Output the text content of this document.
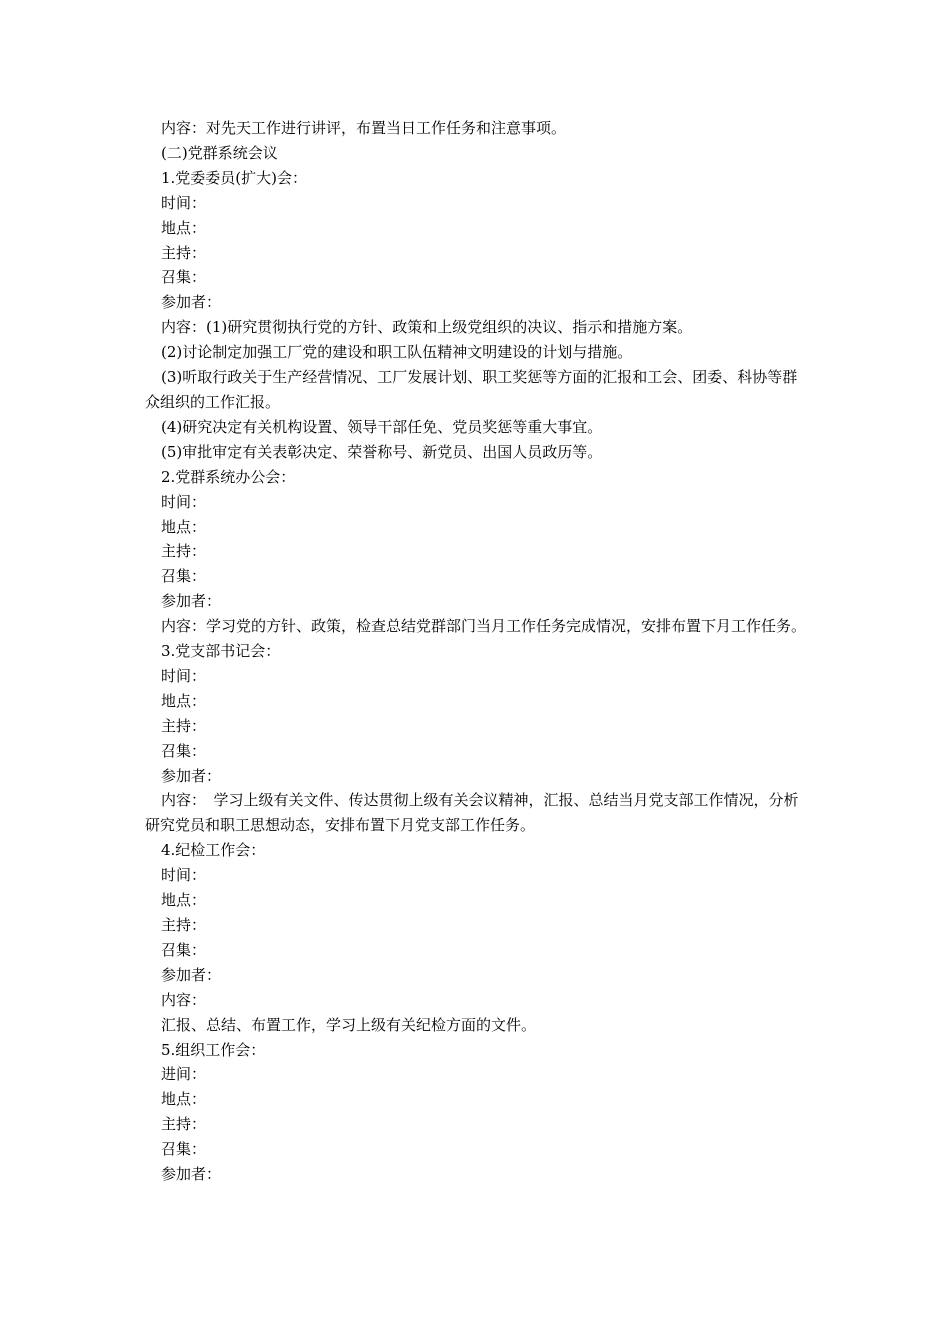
内容：对先天工作进行讲评，布置当日工作任务和注意事项。

(二)党群系统会议

1.党委委员(扩大)会：

时间：

地点：

主持：

召集：

参加者：

内容：(1)研究贯彻执行党的方针、政策和上级党组织的决议、指示和措施方案。

(2)讨论制定加强工厂党的建设和职工队伍精神文明建设的计划与措施。

(3)听取行政关于生产经营情况、工厂发展计划、职工奖惩等方面的汇报和工会、团委、科协等群众组织的工作汇报。

(4)研究决定有关机构设置、领导干部任免、党员奖惩等重大事宜。

(5)审批审定有关表彰决定、荣誉称号、新党员、出国人员政历等。

2.党群系统办公会：

时间：

地点：

主持：

召集：

参加者：

内容：学习党的方针、政策，检查总结党群部门当月工作任务完成情况，安排布置下月工作任务。

3.党支部书记会：

时间：

地点：

主持：

召集：

参加者：

内容：　学习上级有关文件、传达贯彻上级有关会议精神，汇报、总结当月党支部工作情况，分析研究党员和职工思想动态，安排布置下月党支部工作任务。

4.纪检工作会：

时间：

地点：

主持：

召集：

参加者：

内容：

汇报、总结、布置工作，学习上级有关纪检方面的文件。

5.组织工作会：

进间：

地点：

主持：

召集：

参加者：
